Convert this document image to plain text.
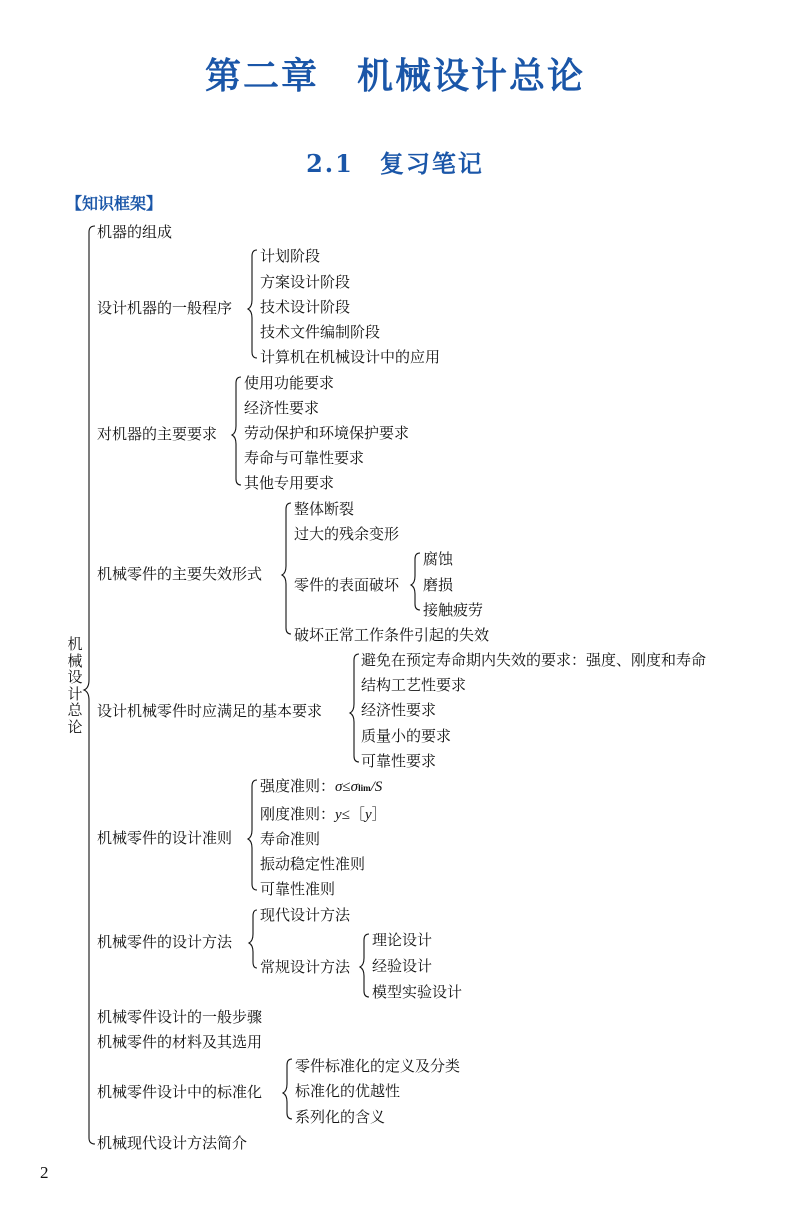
第二章　机械设计总论
2.1　复习笔记
【知识框架】
机械设计总论
机器的组成
设计机器的一般程序
对机器的主要要求
机械零件的主要失效形式
设计机械零件时应满足的基本要求
机械零件的设计准则
机械零件的设计方法
机械零件设计的一般步骤
机械零件的材料及其选用
机械零件设计中的标准化
机械现代设计方法简介
计划阶段
方案设计阶段
技术设计阶段
技术文件编制阶段
计算机在机械设计中的应用
使用功能要求
经济性要求
劳动保护和环境保护要求
寿命与可靠性要求
其他专用要求
整体断裂
过大的残余变形
零件的表面破坏
破坏正常工作条件引起的失效
腐蚀
磨损
接触疲劳
避免在预定寿命期内失效的要求：强度、刚度和寿命
结构工艺性要求
经济性要求
质量小的要求
可靠性要求
强度准则：σ≤σlim/S
刚度准则：y≤［y］
寿命准则
振动稳定性准则
可靠性准则
现代设计方法
常规设计方法
理论设计
经验设计
模型实验设计
零件标准化的定义及分类
标准化的优越性
系列化的含义
2
